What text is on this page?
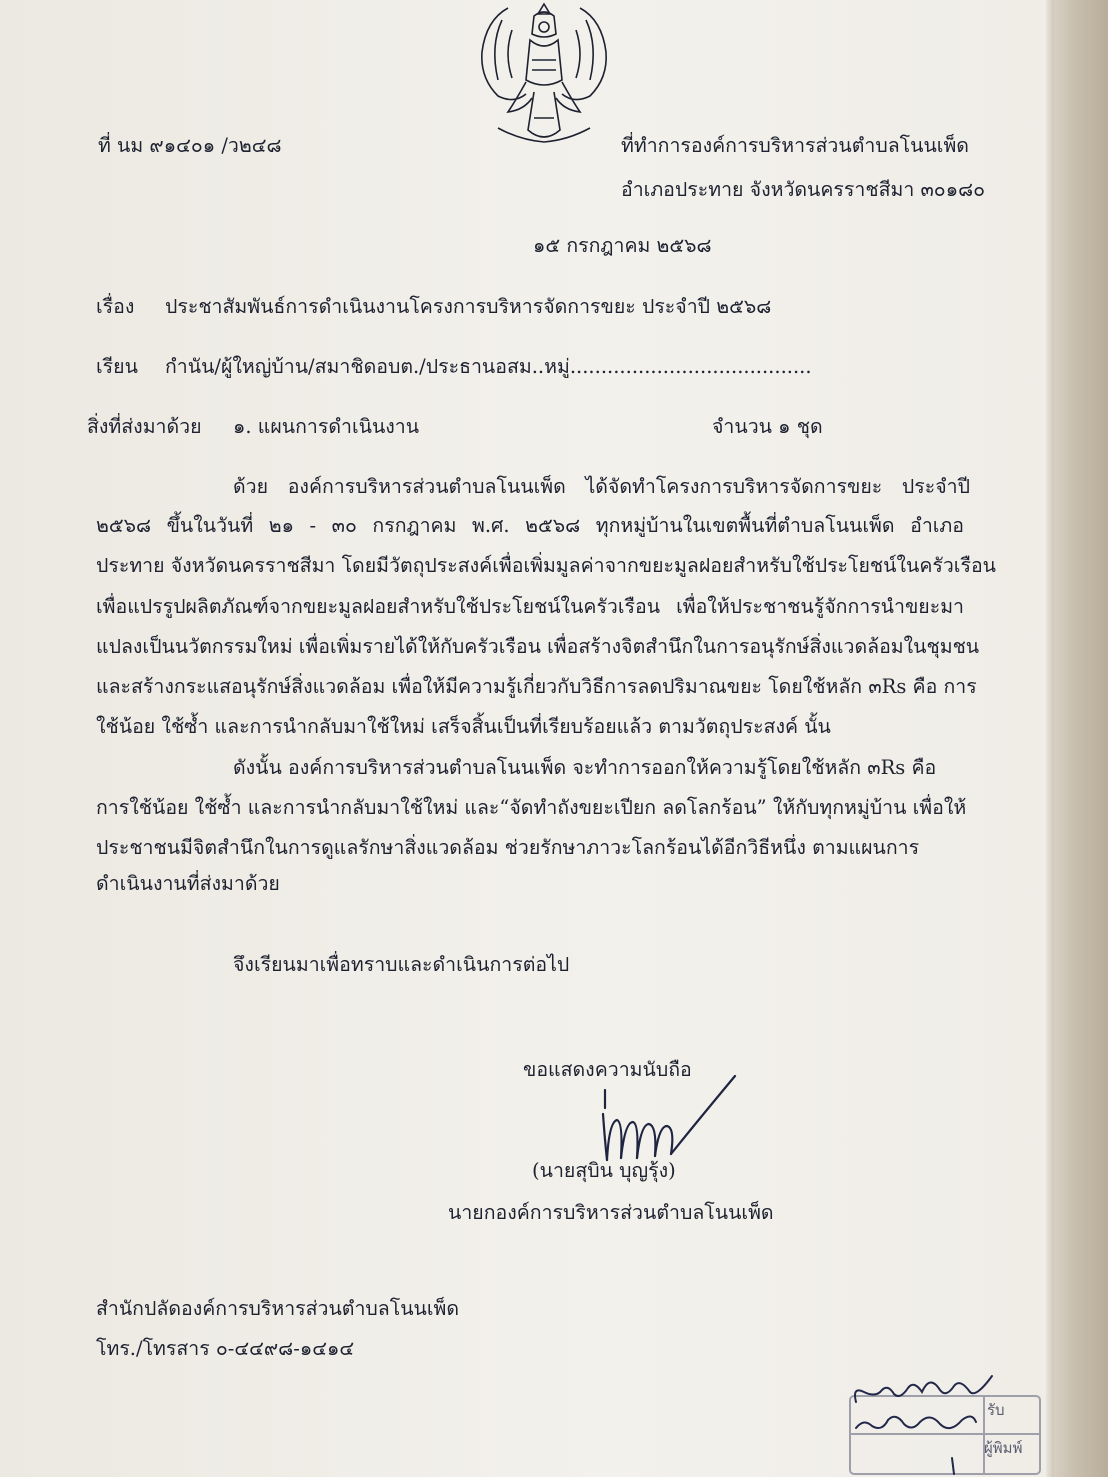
ที่ นม ๙๑๔๐๑ /ว๒๔๘	ที่ทำการองค์การบริหารส่วนตำบลโนนเพ็ด
อำเภอประทาย จังหวัดนครราชสีมา ๓๐๑๘๐
๑๕ กรกฎาคม ๒๕๖๘
เรื่อง ประชาสัมพันธ์การดำเนินงานโครงการบริหารจัดการขยะ ประจำปี ๒๕๖๘
เรียน กำนัน/ผู้ใหญ่บ้าน/สมาชิดอบต./ประธานอสม..หมู่.......................................
สิ่งที่ส่งมาด้วย ๑. แผนการดำเนินงาน	จำนวน ๑ ชุด
ด้วย องค์การบริหารส่วนตำบลโนนเพ็ด ได้จัดทำโครงการบริหารจัดการขยะ ประจำปี
๒๕๖๘ ขึ้นในวันที่ ๒๑ - ๓๐ กรกฎาคม พ.ศ. ๒๕๖๘ ทุกหมู่บ้านในเขตพื้นที่ตำบลโนนเพ็ด อำเภอ
ประทาย จังหวัดนครราชสีมา โดยมีวัตถุประสงค์เพื่อเพิ่มมูลค่าจากขยะมูลฝอยสำหรับใช้ประโยชน์ในครัวเรือน
เพื่อแปรรูปผลิตภัณฑ์จากขยะมูลฝอยสำหรับใช้ประโยชน์ในครัวเรือน เพื่อให้ประชาชนรู้จักการนำขยะมา
แปลงเป็นนวัตกรรมใหม่ เพื่อเพิ่มรายได้ให้กับครัวเรือน เพื่อสร้างจิตสำนึกในการอนุรักษ์สิ่งแวดล้อมในชุมชน
และสร้างกระแสอนุรักษ์สิ่งแวดล้อม เพื่อให้มีความรู้เกี่ยวกับวิธีการลดปริมาณขยะ โดยใช้หลัก ๓Rs คือ การ
ใช้น้อย ใช้ซ้ำ และการนำกลับมาใช้ใหม่ เสร็จสิ้นเป็นที่เรียบร้อยแล้ว ตามวัตถุประสงค์ นั้น
ดังนั้น องค์การบริหารส่วนตำบลโนนเพ็ด จะทำการออกให้ความรู้โดยใช้หลัก ๓Rs คือ
การใช้น้อย ใช้ซ้ำ และการนำกลับมาใช้ใหม่ และ“จัดทำถังขยะเปียก ลดโลกร้อน” ให้กับทุกหมู่บ้าน เพื่อให้
ประชาชนมีจิตสำนึกในการดูแลรักษาสิ่งแวดล้อม ช่วยรักษาภาวะโลกร้อนได้อีกวิธีหนึ่ง ตามแผนการ
ดำเนินงานที่ส่งมาด้วย
จึงเรียนมาเพื่อทราบและดำเนินการต่อไป
ขอแสดงความนับถือ
(นายสุบิน บุญรุ้ง)
นายกองค์การบริหารส่วนตำบลโนนเพ็ด
สำนักปลัดองค์การบริหารส่วนตำบลโนนเพ็ด
โทร./โทรสาร ๐-๔๔๙๘-๑๔๑๔
รับ
ผู้พิมพ์
